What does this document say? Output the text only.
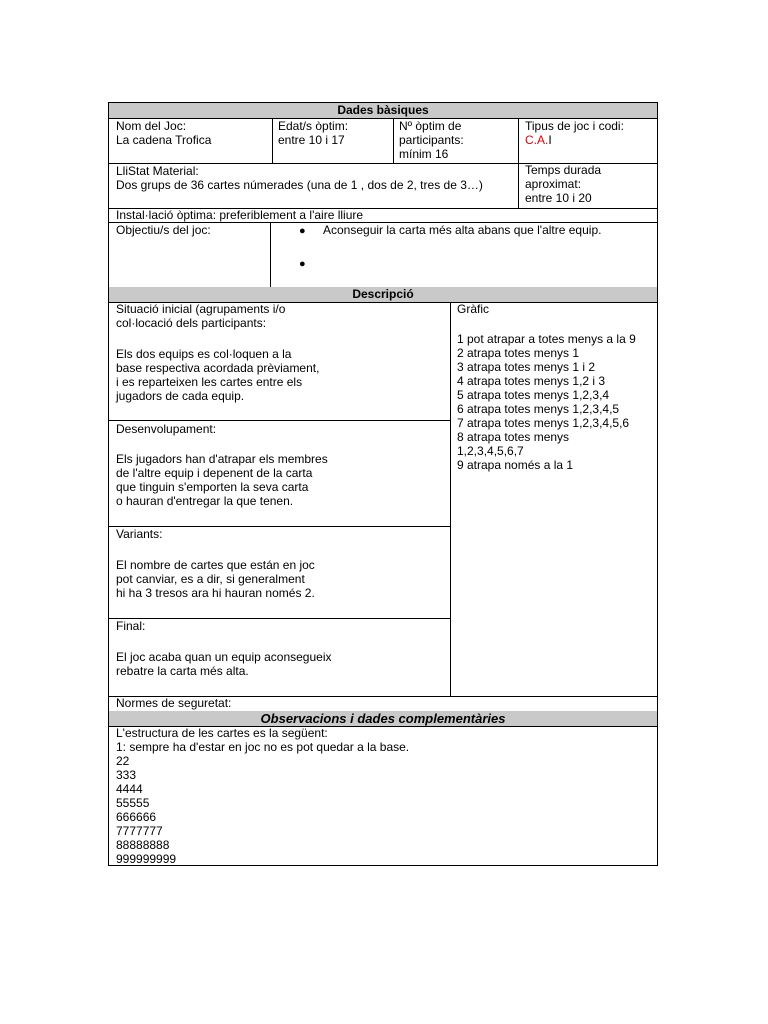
Dades bàsiques
Nom del Joc:
La cadena Trofica
Edat/s òptim:
entre 10 i 17
Nº òptim de
participants:
mínim 16
Tipus de joc i codi:
C.A.I
LliStat Material:
Dos grups de 36 cartes númerades (una de 1 , dos de 2, tres de 3…)
Temps durada
aproximat:
entre 10 i 20
Instal·lació òptima: preferiblement a l'aire lliure
Objectiu/s del joc:	● Aconseguir la carta més alta abans que l'altre equip.
●
Descripció
Situació inicial (agrupaments i/o
col·locació dels participants:
Els dos equips es col·loquen a la
base respectiva acordada prèviament,
i es reparteixen les cartes entre els
jugadors de cada equip.
Desenvolupament:
Els jugadors han d'atrapar els membres
de l'altre equip i depenent de la carta
que tinguin s'emporten la seva carta
o hauran d'entregar la que tenen.
Variants:
El nombre de cartes que están en joc
pot canviar, es a dir, si generalment
hi ha 3 tresos ara hi hauran només 2.
Final:
El joc acaba quan un equip aconsegueix
rebatre la carta més alta.
Gràfic
1 pot atrapar a totes menys a la 9
2 atrapa totes menys 1
3 atrapa totes menys 1 i 2
4 atrapa totes menys 1,2 i 3
5 atrapa totes menys 1,2,3,4
6 atrapa totes menys 1,2,3,4,5
7 atrapa totes menys 1,2,3,4,5,6
8 atrapa totes menys
1,2,3,4,5,6,7
9 atrapa només a la 1
Normes de seguretat:
Observacions i dades complementàries
L'estructura de les cartes es la següent:
1: sempre ha d'estar en joc no es pot quedar a la base.
22
333
4444
55555
666666
7777777
88888888
999999999
